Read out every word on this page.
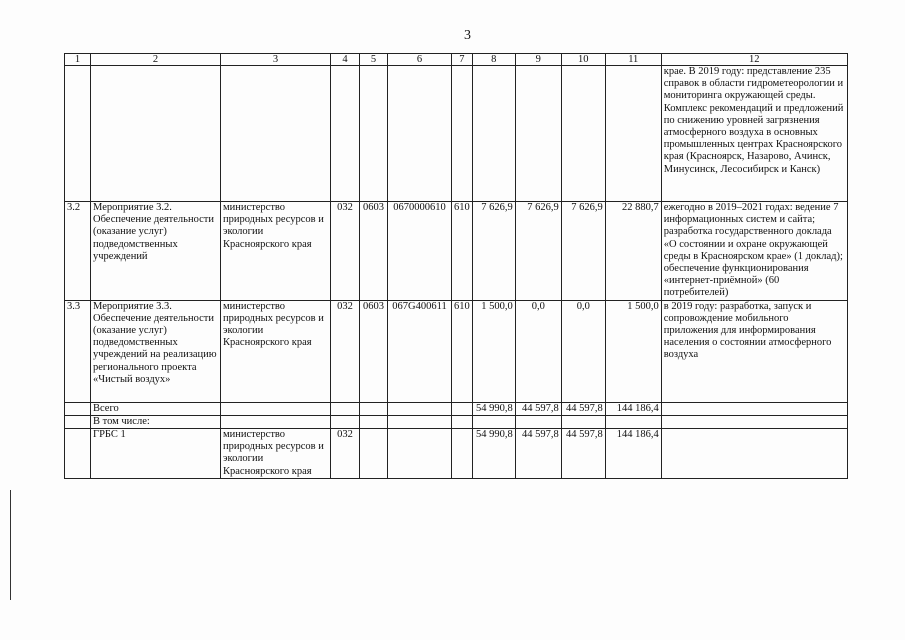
3
1	2	3	4	5	6	7	8	9	10	11	12
											крае. В 2019 году: представление 235 справок в области гидрометеорологии и мониторинга окружающей среды. Комплекс рекомендаций и предложений по снижению уровней загрязнения атмосферного воздуха в основных промышленных центрах Красноярского края (Красноярск, Назарово, Ачинск, Минусинск, Лесосибирск и Канск)
3.2	Мероприятие 3.2. Обеспечение деятельности (оказание услуг) подведомственных учреждений	министерство природных ресурсов и экологии Красноярского края	032	0603	0670000610	610	7 626,9	7 626,9	7 626,9	22 880,7	ежегодно в 2019–2021 годах: ведение 7 информационных систем и сайта; разработка государственного доклада «О состоянии и охране окружающей среды в Красноярском крае» (1 доклад); обеспечение функционирования «интернет-приёмной» (60 потребителей)
3.3	Мероприятие 3.3. Обеспечение деятельности (оказание услуг) подведомственных учреждений на реализацию регионального проекта «Чистый воздух»	министерство природных ресурсов и экологии Красноярского края	032	0603	067G400611	610	1 500,0	0,0	0,0	1 500,0	в 2019 году: разработка, запуск и сопровождение мобильного приложения для информирования населения о состоянии атмосферного воздуха
	Всего						54 990,8	44 597,8	44 597,8	144 186,4	
	В том числе:										
	ГРБС 1	министерство природных ресурсов и экологии Красноярского края	032				54 990,8	44 597,8	44 597,8	144 186,4	
